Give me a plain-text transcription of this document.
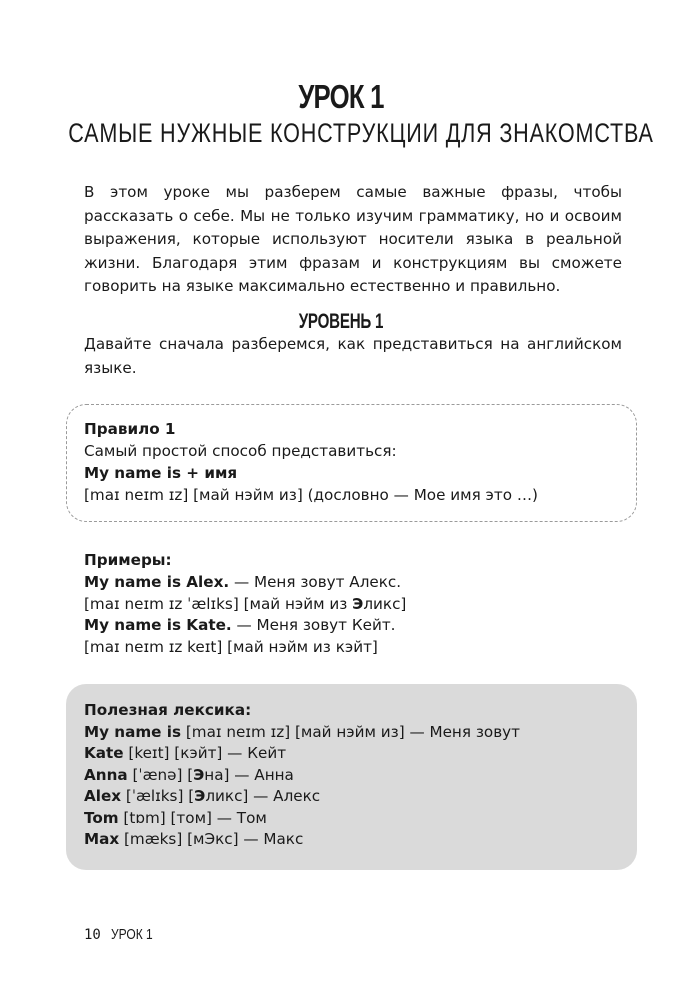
УРОК 1
САМЫЕ НУЖНЫЕ КОНСТРУКЦИИ ДЛЯ ЗНАКОМСТВА
В этом уроке мы разберем самые важные фразы, чтобы рассказать о себе. Мы не только изучим грамматику, но и освоим выражения, которые используют носители языка в реальной жизни. Благодаря этим фразам и конструкциям вы сможете говорить на языке максимально естественно и правильно.
УРОВЕНЬ 1
Давайте сначала разберемся, как представиться на английском языке.
Правило 1
Самый простой способ представиться:
My name is + имя
[maɪ neɪm ɪz] [май нэйм из] (дословно — Мое имя это …)
Примеры:
My name is Alex. — Меня зовут Алекс.
[maɪ neɪm ɪz ˈælɪks] [май нэйм из Эликс]
My name is Kate. — Меня зовут Кейт.
[maɪ neɪm ɪz keɪt] [май нэйм из кэйт]
Полезная лексика:
My name is [maɪ neɪm ɪz] [май нэйм из] — Меня зовут
Kate [keɪt] [кэйт] — Кейт
Anna [ˈænə] [Эна] — Анна
Alex [ˈælɪks] [Эликс] — Алекс
Tom [tɒm] [том] — Том
Max [mæks] [мЭкс] — Макс
10 УРОК 1
